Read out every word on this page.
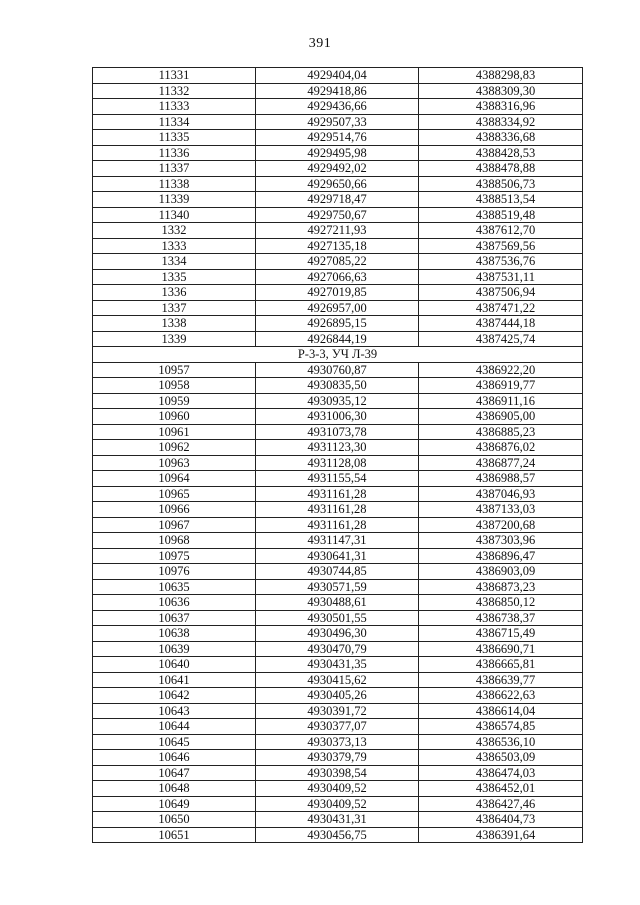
391
11331	4929404,04	4388298,83
11332	4929418,86	4388309,30
11333	4929436,66	4388316,96
11334	4929507,33	4388334,92
11335	4929514,76	4388336,68
11336	4929495,98	4388428,53
11337	4929492,02	4388478,88
11338	4929650,66	4388506,73
11339	4929718,47	4388513,54
11340	4929750,67	4388519,48
1332	4927211,93	4387612,70
1333	4927135,18	4387569,56
1334	4927085,22	4387536,76
1335	4927066,63	4387531,11
1336	4927019,85	4387506,94
1337	4926957,00	4387471,22
1338	4926895,15	4387444,18
1339	4926844,19	4387425,74
Р-3-3, УЧ Л-39		
10957	4930760,87	4386922,20
10958	4930835,50	4386919,77
10959	4930935,12	4386911,16
10960	4931006,30	4386905,00
10961	4931073,78	4386885,23
10962	4931123,30	4386876,02
10963	4931128,08	4386877,24
10964	4931155,54	4386988,57
10965	4931161,28	4387046,93
10966	4931161,28	4387133,03
10967	4931161,28	4387200,68
10968	4931147,31	4387303,96
10975	4930641,31	4386896,47
10976	4930744,85	4386903,09
10635	4930571,59	4386873,23
10636	4930488,61	4386850,12
10637	4930501,55	4386738,37
10638	4930496,30	4386715,49
10639	4930470,79	4386690,71
10640	4930431,35	4386665,81
10641	4930415,62	4386639,77
10642	4930405,26	4386622,63
10643	4930391,72	4386614,04
10644	4930377,07	4386574,85
10645	4930373,13	4386536,10
10646	4930379,79	4386503,09
10647	4930398,54	4386474,03
10648	4930409,52	4386452,01
10649	4930409,52	4386427,46
10650	4930431,31	4386404,73
10651	4930456,75	4386391,64
